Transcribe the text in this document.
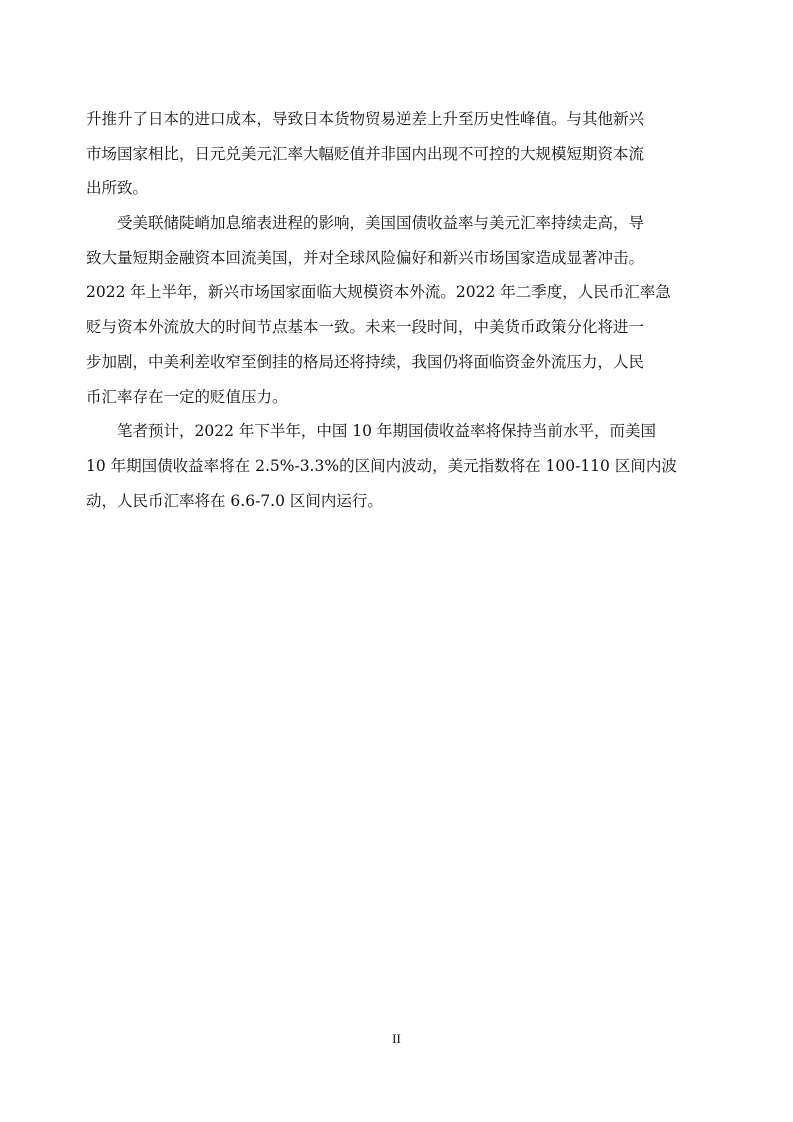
升推升了日本的进口成本，导致日本货物贸易逆差上升至历史性峰值。与其他新兴
市场国家相比，日元兑美元汇率大幅贬值并非国内出现不可控的大规模短期资本流
出所致。
受美联储陡峭加息缩表进程的影响，美国国债收益率与美元汇率持续走高，导
致大量短期金融资本回流美国，并对全球风险偏好和新兴市场国家造成显著冲击。
2022 年上半年，新兴市场国家面临大规模资本外流。2022 年二季度，人民币汇率急
贬与资本外流放大的时间节点基本一致。未来一段时间，中美货币政策分化将进一
步加剧，中美利差收窄至倒挂的格局还将持续，我国仍将面临资金外流压力，人民
币汇率存在一定的贬值压力。
笔者预计，2022 年下半年，中国 10 年期国债收益率将保持当前水平，而美国
10 年期国债收益率将在 2.5%-3.3%的区间内波动，美元指数将在 100-110 区间内波
动，人民币汇率将在 6.6-7.0 区间内运行。
II
